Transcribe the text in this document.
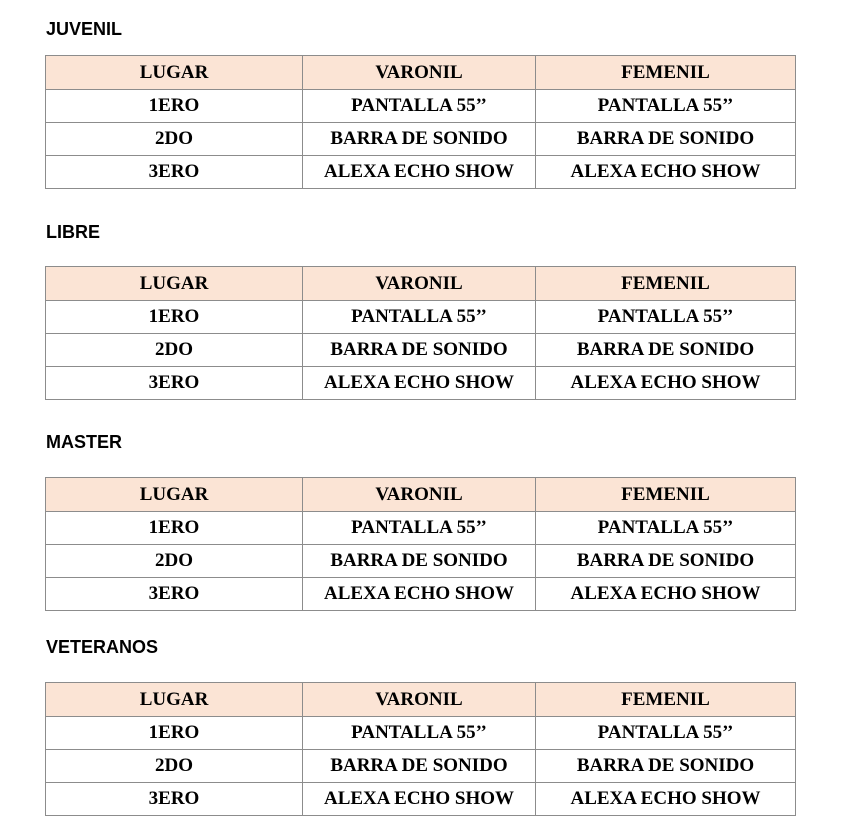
JUVENIL
LUGAR	VARONIL	FEMENIL
1ERO	PANTALLA 55’’	PANTALLA 55’’
2DO	BARRA DE SONIDO	BARRA DE SONIDO
3ERO	ALEXA ECHO SHOW	ALEXA ECHO SHOW
LIBRE
LUGAR	VARONIL	FEMENIL
1ERO	PANTALLA 55’’	PANTALLA 55’’
2DO	BARRA DE SONIDO	BARRA DE SONIDO
3ERO	ALEXA ECHO SHOW	ALEXA ECHO SHOW
MASTER
LUGAR	VARONIL	FEMENIL
1ERO	PANTALLA 55’’	PANTALLA 55’’
2DO	BARRA DE SONIDO	BARRA DE SONIDO
3ERO	ALEXA ECHO SHOW	ALEXA ECHO SHOW
VETERANOS
LUGAR	VARONIL	FEMENIL
1ERO	PANTALLA 55’’	PANTALLA 55’’
2DO	BARRA DE SONIDO	BARRA DE SONIDO
3ERO	ALEXA ECHO SHOW	ALEXA ECHO SHOW
